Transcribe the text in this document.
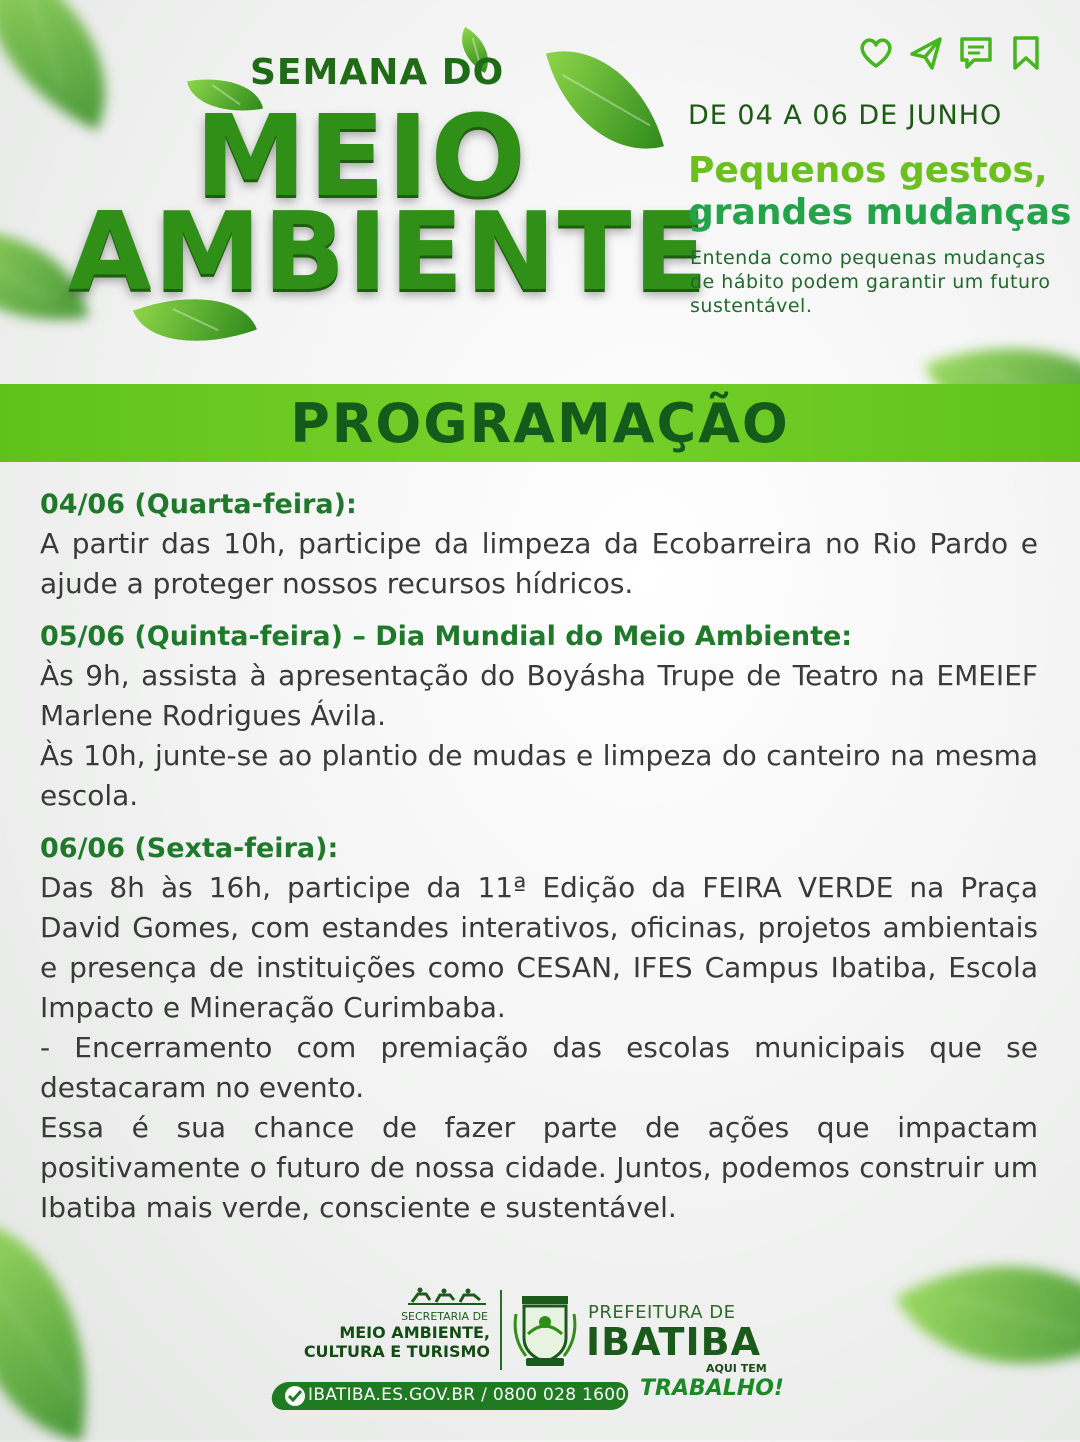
SEMANA DO
MEIO
AMBIENTE
DE 04 A 06 DE JUNHO
Pequenos gestos,
grandes mudanças
Entenda como pequenas mudanças de hábito podem garantir um futuro sustentável.
PROGRAMAÇÃO

04/06 (Quarta-feira):

A partir das 10h, participe da limpeza da Ecobarreira no Rio Pardo e ajude a proteger nossos recursos hídricos.

05/06 (Quinta-feira) – Dia Mundial do Meio Ambiente:

Às 9h, assista à apresentação do Boyásha Trupe de Teatro na EMEIEF Marlene Rodrigues Ávila.

Às 10h, junte-se ao plantio de mudas e limpeza do canteiro na mesma escola.

06/06 (Sexta-feira):

Das 8h às 16h, participe da 11ª Edição da FEIRA VERDE na Praça David Gomes, com estandes interativos, oficinas, projetos ambientais e presença de instituições como CESAN, IFES Campus Ibatiba, Escola Impacto e Mineração Curimbaba.

- Encerramento com premiação das escolas municipais que se destacaram no evento.

Essa é sua chance de fazer parte de ações que impactam positivamente o futuro de nossa cidade. Juntos, podemos construir um Ibatiba mais verde, consciente e sustentável.

SECRETARIA DE
MEIO AMBIENTE,
CULTURA E TURISMO
PREFEITURA DE
IBATIBA
AQUI TEM
IBATIBA.ES.GOV.BR / 0800 028 1600 TRABALHO!
